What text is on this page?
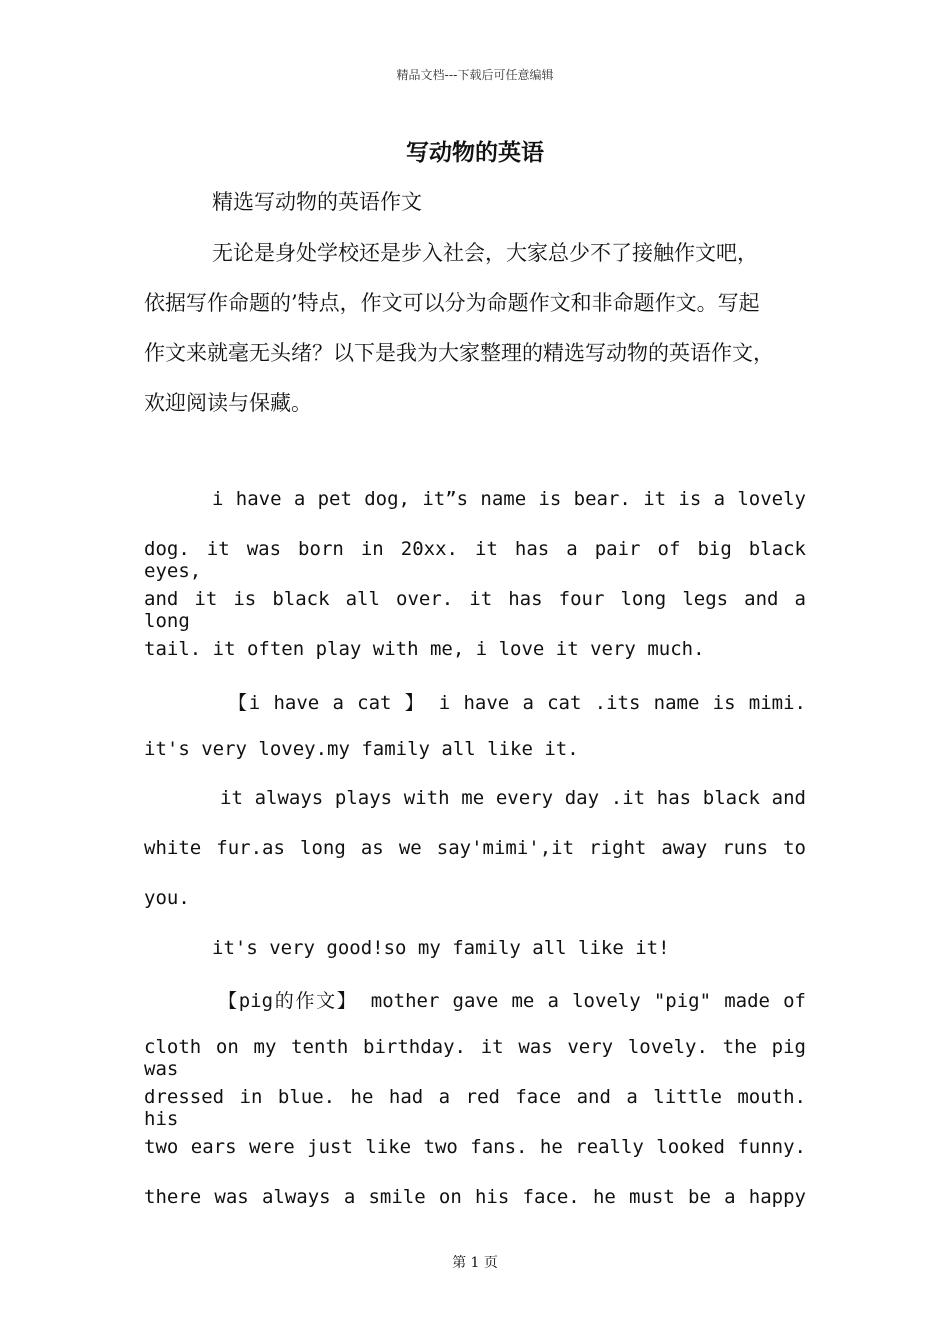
精品文档---下载后可任意编辑
写动物的英语
精选写动物的英语作文
无论是身处学校还是步入社会，大家总少不了接触作文吧，
依据写作命题的’特点，作文可以分为命题作文和非命题作文。写起
作文来就毫无头绪？以下是我为大家整理的精选写动物的英语作文，
欢迎阅读与保藏。
i have a pet dog, it”s name is bear. it is a lovely
dog. it was born in 20xx. it has a pair of big black eyes,
and it is black all over. it has four long legs and a long
tail. it often play with me, i love it very much.
【i have a cat 】 i have a cat .its name is mimi.
it's very lovey.my family all like it.
it always plays with me every day .it has black and
white fur.as long as we say'mimi',it right away runs to
you.
it's very good!so my family all like it!
【pig的作文】 mother gave me a lovely "pig" made of
cloth on my tenth birthday. it was very lovely. the pig was
dressed in blue. he had a red face and a little mouth. his
two ears were just like two fans. he really looked funny.
there was always a smile on his face. he must be a happy
第 1 页
